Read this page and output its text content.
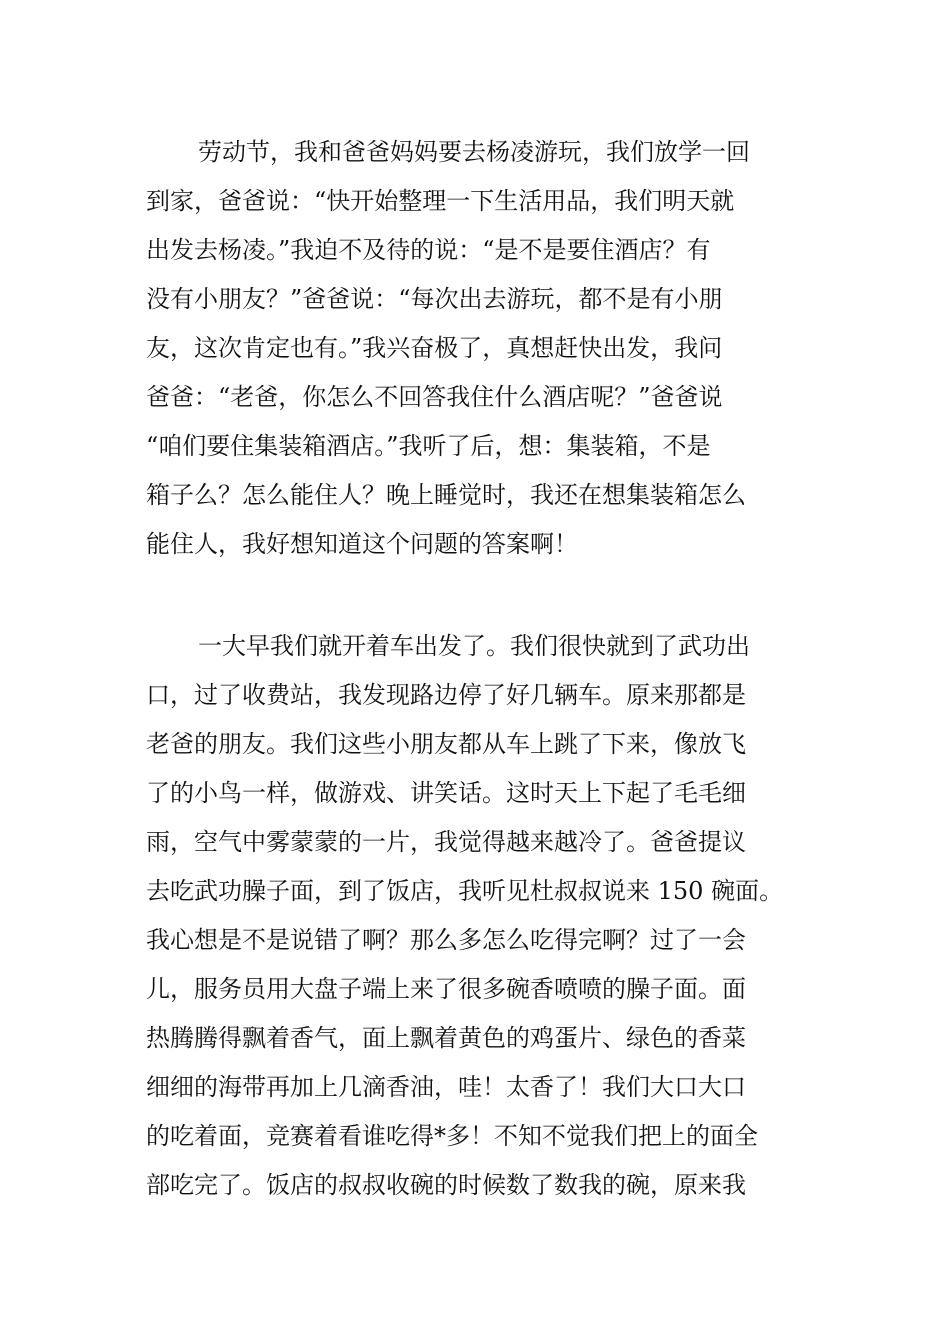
劳动节，我和爸爸妈妈要去杨凌游玩，我们放学一回
到家，爸爸说：“快开始整理一下生活用品，我们明天就
出发去杨凌。”我迫不及待的说：“是不是要住酒店？有
没有小朋友？”爸爸说：“每次出去游玩，都不是有小朋
友，这次肯定也有。”我兴奋极了，真想赶快出发，我问
爸爸：“老爸，你怎么不回答我住什么酒店呢？”爸爸说
“咱们要住集装箱酒店。”我听了后，想：集装箱，不是
箱子么？怎么能住人？晚上睡觉时，我还在想集装箱怎么
能住人，我好想知道这个问题的答案啊！
一大早我们就开着车出发了。我们很快就到了武功出
口，过了收费站，我发现路边停了好几辆车。原来那都是
老爸的朋友。我们这些小朋友都从车上跳了下来，像放飞
了的小鸟一样，做游戏、讲笑话。这时天上下起了毛毛细
雨，空气中雾蒙蒙的一片，我觉得越来越冷了。爸爸提议
去吃武功臊子面，到了饭店，我听见杜叔叔说来 150 碗面。
我心想是不是说错了啊？那么多怎么吃得完啊？过了一会
儿，服务员用大盘子端上来了很多碗香喷喷的臊子面。面
热腾腾得飘着香气，面上飘着黄色的鸡蛋片、绿色的香菜
细细的海带再加上几滴香油，哇！太香了！我们大口大口
的吃着面，竞赛着看谁吃得*多！不知不觉我们把上的面全
部吃完了。饭店的叔叔收碗的时候数了数我的碗，原来我
